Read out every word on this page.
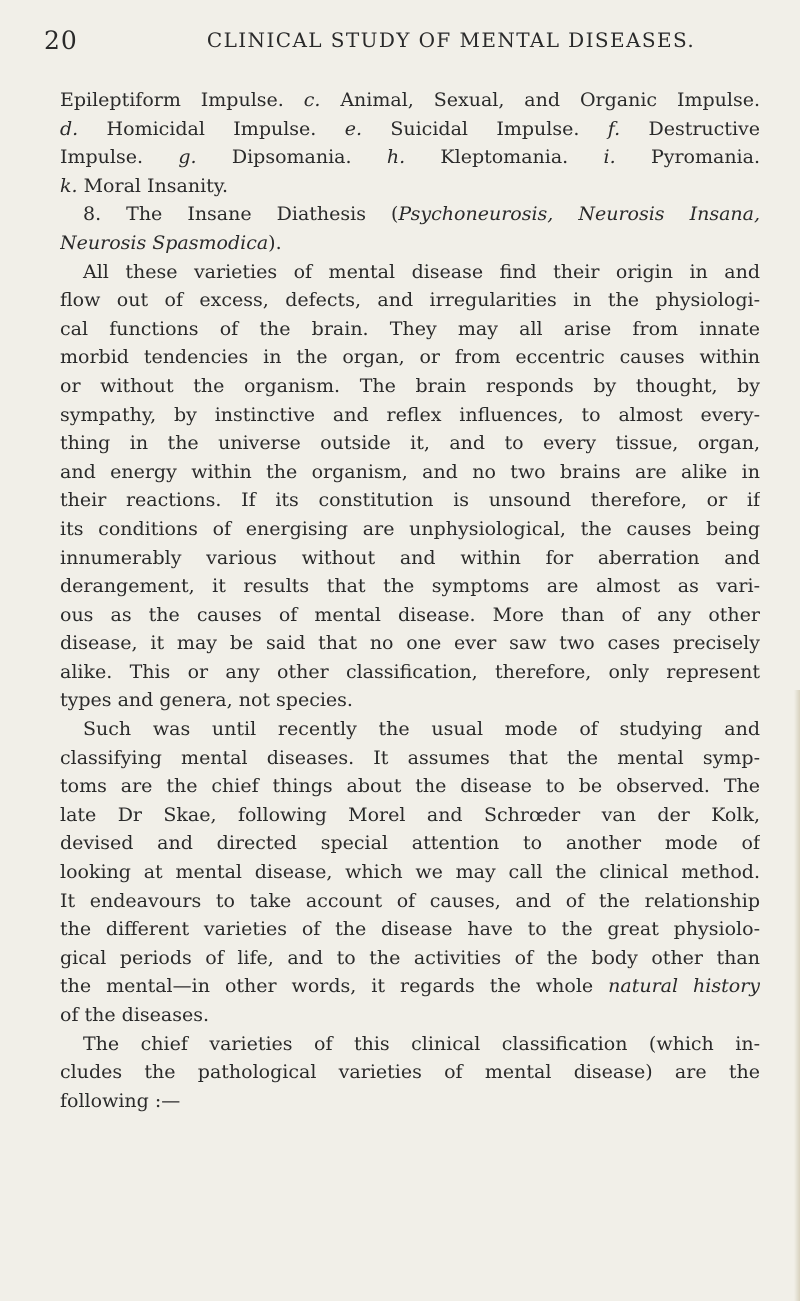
20	CLINICAL STUDY OF MENTAL DISEASES.
Epileptiform Impulse. c. Animal, Sexual, and Organic Impulse.
d. Homicidal Impulse. e. Suicidal Impulse. f. Destructive
Impulse. g. Dipsomania. h. Kleptomania. i. Pyromania.
k. Moral Insanity.
8. The Insane Diathesis (Psychoneurosis, Neurosis Insana,
Neurosis Spasmodica).
All these varieties of mental disease find their origin in and
flow out of excess, defects, and irregularities in the physiologi-
cal functions of the brain. They may all arise from innate
morbid tendencies in the organ, or from eccentric causes within
or without the organism. The brain responds by thought, by
sympathy, by instinctive and reflex influences, to almost every-
thing in the universe outside it, and to every tissue, organ,
and energy within the organism, and no two brains are alike in
their reactions. If its constitution is unsound therefore, or if
its conditions of energising are unphysiological, the causes being
innumerably various without and within for aberration and
derangement, it results that the symptoms are almost as vari-
ous as the causes of mental disease. More than of any other
disease, it may be said that no one ever saw two cases precisely
alike. This or any other classification, therefore, only represent
types and genera, not species.
Such was until recently the usual mode of studying and
classifying mental diseases. It assumes that the mental symp-
toms are the chief things about the disease to be observed. The
late Dr Skae, following Morel and Schrœder van der Kolk,
devised and directed special attention to another mode of
looking at mental disease, which we may call the clinical method.
It endeavours to take account of causes, and of the relationship
the different varieties of the disease have to the great physiolo-
gical periods of life, and to the activities of the body other than
the mental—in other words, it regards the whole natural history
of the diseases.
The chief varieties of this clinical classification (which in-
cludes the pathological varieties of mental disease) are the
following :—
